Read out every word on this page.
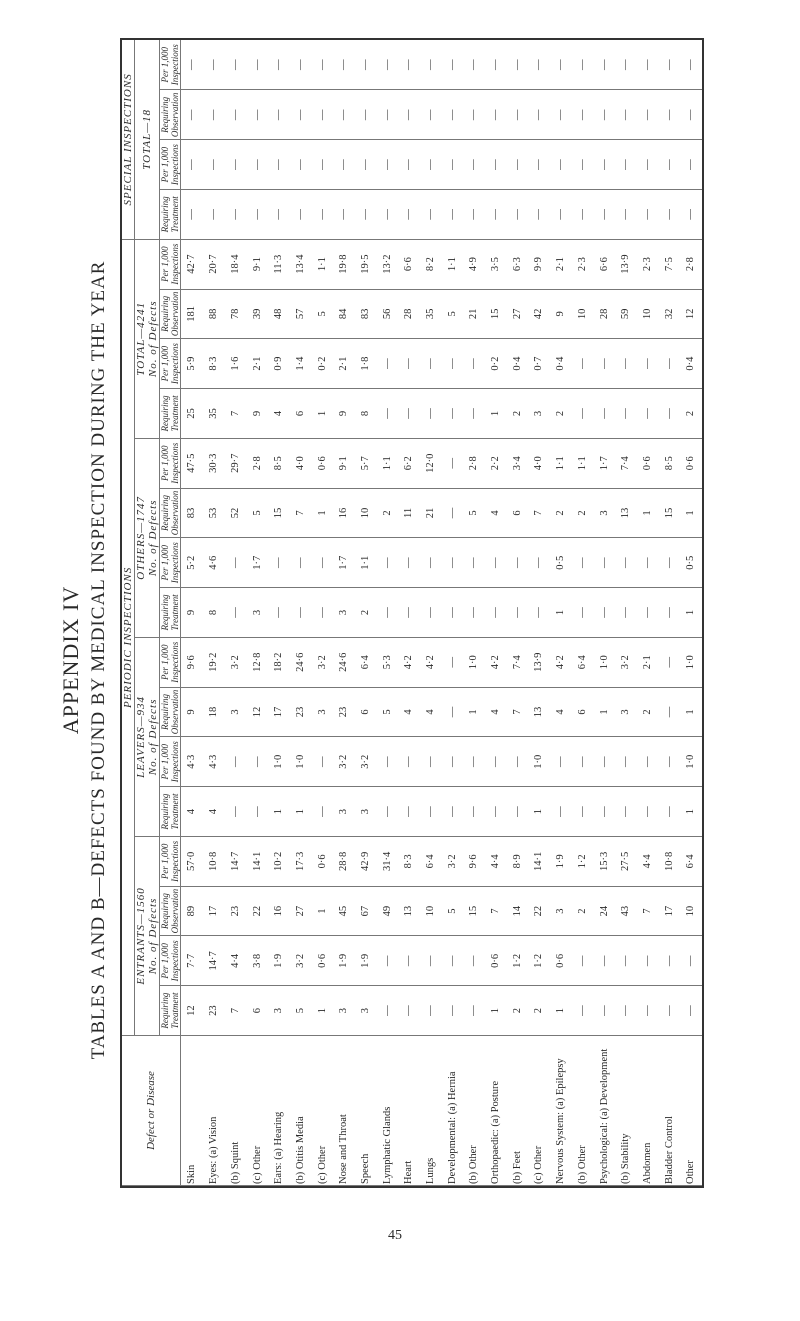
APPENDIX IV TABLES A AND B—DEFECTS FOUND BY MEDICAL INSPECTION DURING THE YEAR
Defect or Disease	PERIODIC INSPECTIONS																SPECIAL INSPECTIONS			
	ENTRANTS—1560
No. of Defects				LEAVERS—934
No. of Defects				OTHERS—1747
No. of Defects				TOTAL—4241
No. of Defects				TOTAL—18			
	Requiring Treatment	Per 1,000 Inspections	Requiring Observation	Per 1,000 Inspections	Requiring Treatment	Per 1,000 Inspections	Requiring Observation	Per 1,000 Inspections	Requiring Treatment	Per 1,000 Inspections	Requiring Observation	Per 1,000 Inspections	Requiring Treatment	Per 1,000 Inspections	Requiring Observation	Per 1,000 Inspections	Requiring Treatment	Per 1,000 Inspections	Requiring Observation	Per 1,000 Inspections
Skin	12	7·7	89	57·0	4	4·3	9	9·6	9	5·2	83	47·5	25	5·9	181	42·7	—	—	—	—
Eyes: (a) Vision	23	14·7	17	10·8	4	4·3	18	19·2	8	4·6	53	30·3	35	8·3	88	20·7	—	—	—	—
(b) Squint	7	4·4	23	14·7	—	—	3	3·2	—	—	52	29·7	7	1·6	78	18·4	—	—	—	—
(c) Other	6	3·8	22	14·1	—	—	12	12·8	3	1·7	5	2·8	9	2·1	39	9·1	—	—	—	—
Ears: (a) Hearing	3	1·9	16	10·2	1	1·0	17	18·2	—	—	15	8·5	4	0·9	48	11·3	—	—	—	—
(b) Otitis Media	5	3·2	27	17·3	1	1·0	23	24·6	—	—	7	4·0	6	1·4	57	13·4	—	—	—	—
(c) Other	1	0·6	1	0·6	—	—	3	3·2	—	—	1	0·6	1	0·2	5	1·1	—	—	—	—
Nose and Throat	3	1·9	45	28·8	3	3·2	23	24·6	3	1·7	16	9·1	9	2·1	84	19·8	—	—	—	—
Speech	3	1·9	67	42·9	3	3·2	6	6·4	2	1·1	10	5·7	8	1·8	83	19·5	—	—	—	—
Lymphatic Glands	—	—	49	31·4	—	—	5	5·3	—	—	2	1·1	—	—	56	13·2	—	—	—	—
Heart	—	—	13	8·3	—	—	4	4·2	—	—	11	6·2	—	—	28	6·6	—	—	—	—
Lungs	—	—	10	6·4	—	—	4	4·2	—	—	21	12·0	—	—	35	8·2	—	—	—	—
Developmental: (a) Hernia	—	—	5	3·2	—	—	—	—	—	—	—	—	—	—	5	1·1	—	—	—	—
(b) Other	—	—	15	9·6	—	—	1	1·0	—	—	5	2·8	—	—	21	4·9	—	—	—	—
Orthopaedic: (a) Posture	1	0·6	7	4·4	—	—	4	4·2	—	—	4	2·2	1	0·2	15	3·5	—	—	—	—
(b) Feet	2	1·2	14	8·9	—	—	7	7·4	—	—	6	3·4	2	0·4	27	6·3	—	—	—	—
(c) Other	2	1·2	22	14·1	1	1·0	13	13·9	—	—	7	4·0	3	0·7	42	9·9	—	—	—	—
Nervous System: (a) Epilepsy	1	0·6	3	1·9	—	—	4	4·2	1	0·5	2	1·1	2	0·4	9	2·1	—	—	—	—
(b) Other	—	—	2	1·2	—	—	6	6·4	—	—	2	1·1	—	—	10	2·3	—	—	—	—
Psychological: (a) Development	—	—	24	15·3	—	—	1	1·0	—	—	3	1·7	—	—	28	6·6	—	—	—	—
(b) Stability	—	—	43	27·5	—	—	3	3·2	—	—	13	7·4	—	—	59	13·9	—	—	—	—
Abdomen	—	—	7	4·4	—	—	2	2·1	—	—	1	0·6	—	—	10	2·3	—	—	—	—
Bladder Control	—	—	17	10·8	—	—	—	—	—	—	15	8·5	—	—	32	7·5	—	—	—	—
Other	—	—	10	6·4	1	1·0	1	1·0	1	0·5	1	0·6	2	0·4	12	2·8	—	—	—	—
45
